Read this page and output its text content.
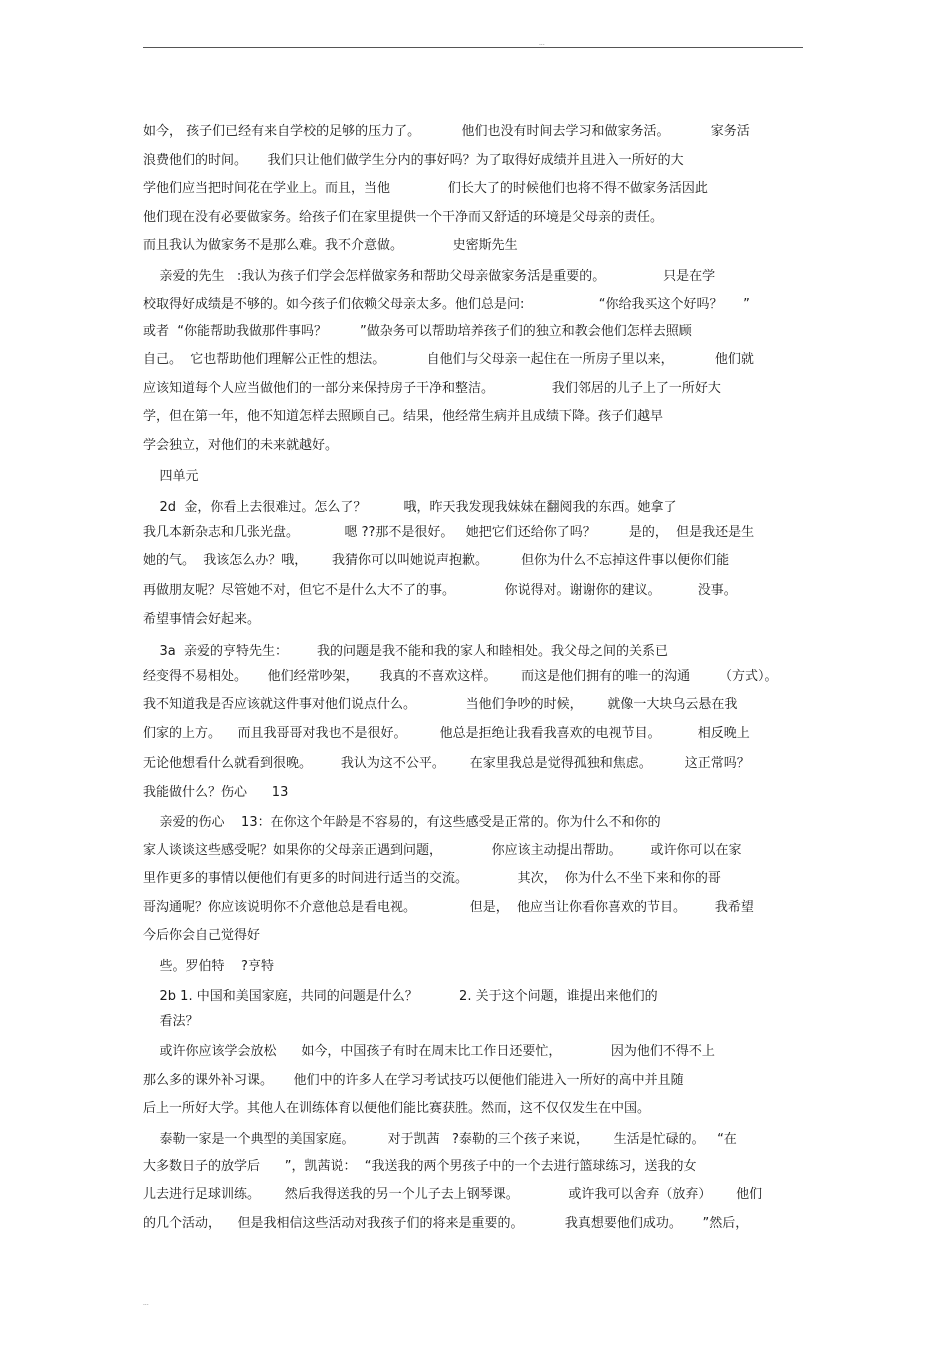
...
如今， 孩子们已经有来自学校的足够的压力了。          他们也没有时间去学习和做家务活。          家务活
浪费他们的时间。     我们只让他们做学生分内的事好吗？为了取得好成绩并且进入一所好的大
学他们应当把时间花在学业上。而且，当他              们长大了的时候他们也将不得不做家务活因此
他们现在没有必要做家务。给孩子们在家里提供一个干净而又舒适的环境是父母亲的责任。
而且我认为做家务不是那么难。我不介意做。            史密斯先生
亲爱的先生   :我认为孩子们学会怎样做家务和帮助父母亲做家务活是重要的。              只是在学
校取得好成绩是不够的。如今孩子们依赖父母亲太多。他们总是问:                  “你给我买这个好吗？     ”
或者  “你能帮助我做那件事吗？        ”做杂务可以帮助培养孩子们的独立和教会他们怎样去照顾
自己。  它也帮助他们理解公正性的想法。          自他们与父母亲一起住在一所房子里以来，          他们就
应该知道每个人应当做他们的一部分来保持房子干净和整洁。              我们邻居的儿子上了一所好大
学，但在第一年，他不知道怎样去照顾自己。结果，他经常生病并且成绩下降。孩子们越早
学会独立，对他们的未来就越好。
四单元
2d  金，你看上去很难过。怎么了？         哦，昨天我发现我妹妹在翻阅我的东西。她拿了
我几本新杂志和几张光盘。           嗯 ??那不是很好。   她把它们还给你了吗？        是的，  但是我还是生
她的气。  我该怎么办？哦，      我猜你可以叫她说声抱歉。        但你为什么不忘掉这件事以便你们能
再做朋友呢？尽管她不对，但它不是什么大不了的事。            你说得对。谢谢你的建议。         没事。
希望事情会好起来。
3a  亲爱的亨特先生：       我的问题是我不能和我的家人和睦相处。我父母之间的关系已
经变得不易相处。     他们经常吵架，     我真的不喜欢这样。      而这是他们拥有的唯一的沟通       （方式）。
我不知道我是否应该就这件事对他们说点什么。            当他们争吵的时候，      就像一大块乌云悬在我
们家的上方。    而且我哥哥对我也不是很好。        他总是拒绝让我看我喜欢的电视节目。         相反晚上
无论他想看什么就看到很晚。       我认为这不公平。      在家里我总是觉得孤独和焦虑。        这正常吗？
我能做什么？伤心      13
亲爱的伤心    13：在你这个年龄是不容易的，有这些感受是正常的。你为什么不和你的
家人谈谈这些感受呢？如果你的父母亲正遇到问题，            你应该主动提出帮助。       或许你可以在家
里作更多的事情以便他们有更多的时间进行适当的交流。            其次，  你为什么不坐下来和你的哥
哥沟通呢？你应该说明你不介意他总是看电视。             但是，  他应当让你看你喜欢的节目。       我希望
今后你会自己觉得好
些。罗伯特    ?亨特
2b 1. 中国和美国家庭，共同的问题是什么？          2. 关于这个问题，谁提出来他们的
看法？
或许你应该学会放松      如今，中国孩子有时在周末比工作日还要忙，            因为他们不得不上
那么多的课外补习课。     他们中的许多人在学习考试技巧以便他们能进入一所好的高中并且随
后上一所好大学。其他人在训练体育以便他们能比赛获胜。然而，这不仅仅发生在中国。
泰勒一家是一个典型的美国家庭。        对于凯茜   ?泰勒的三个孩子来说，      生活是忙碌的。   “在
大多数日子的放学后      ”，凯茜说：  “我送我的两个男孩子中的一个去进行篮球练习，送我的女
儿去进行足球训练。      然后我得送我的另一个儿子去上钢琴课。            或许我可以舍弃（放弃）      他们
的几个活动，    但是我相信这些活动对我孩子们的将来是重要的。          我真想要他们成功。     ”然后，
...
